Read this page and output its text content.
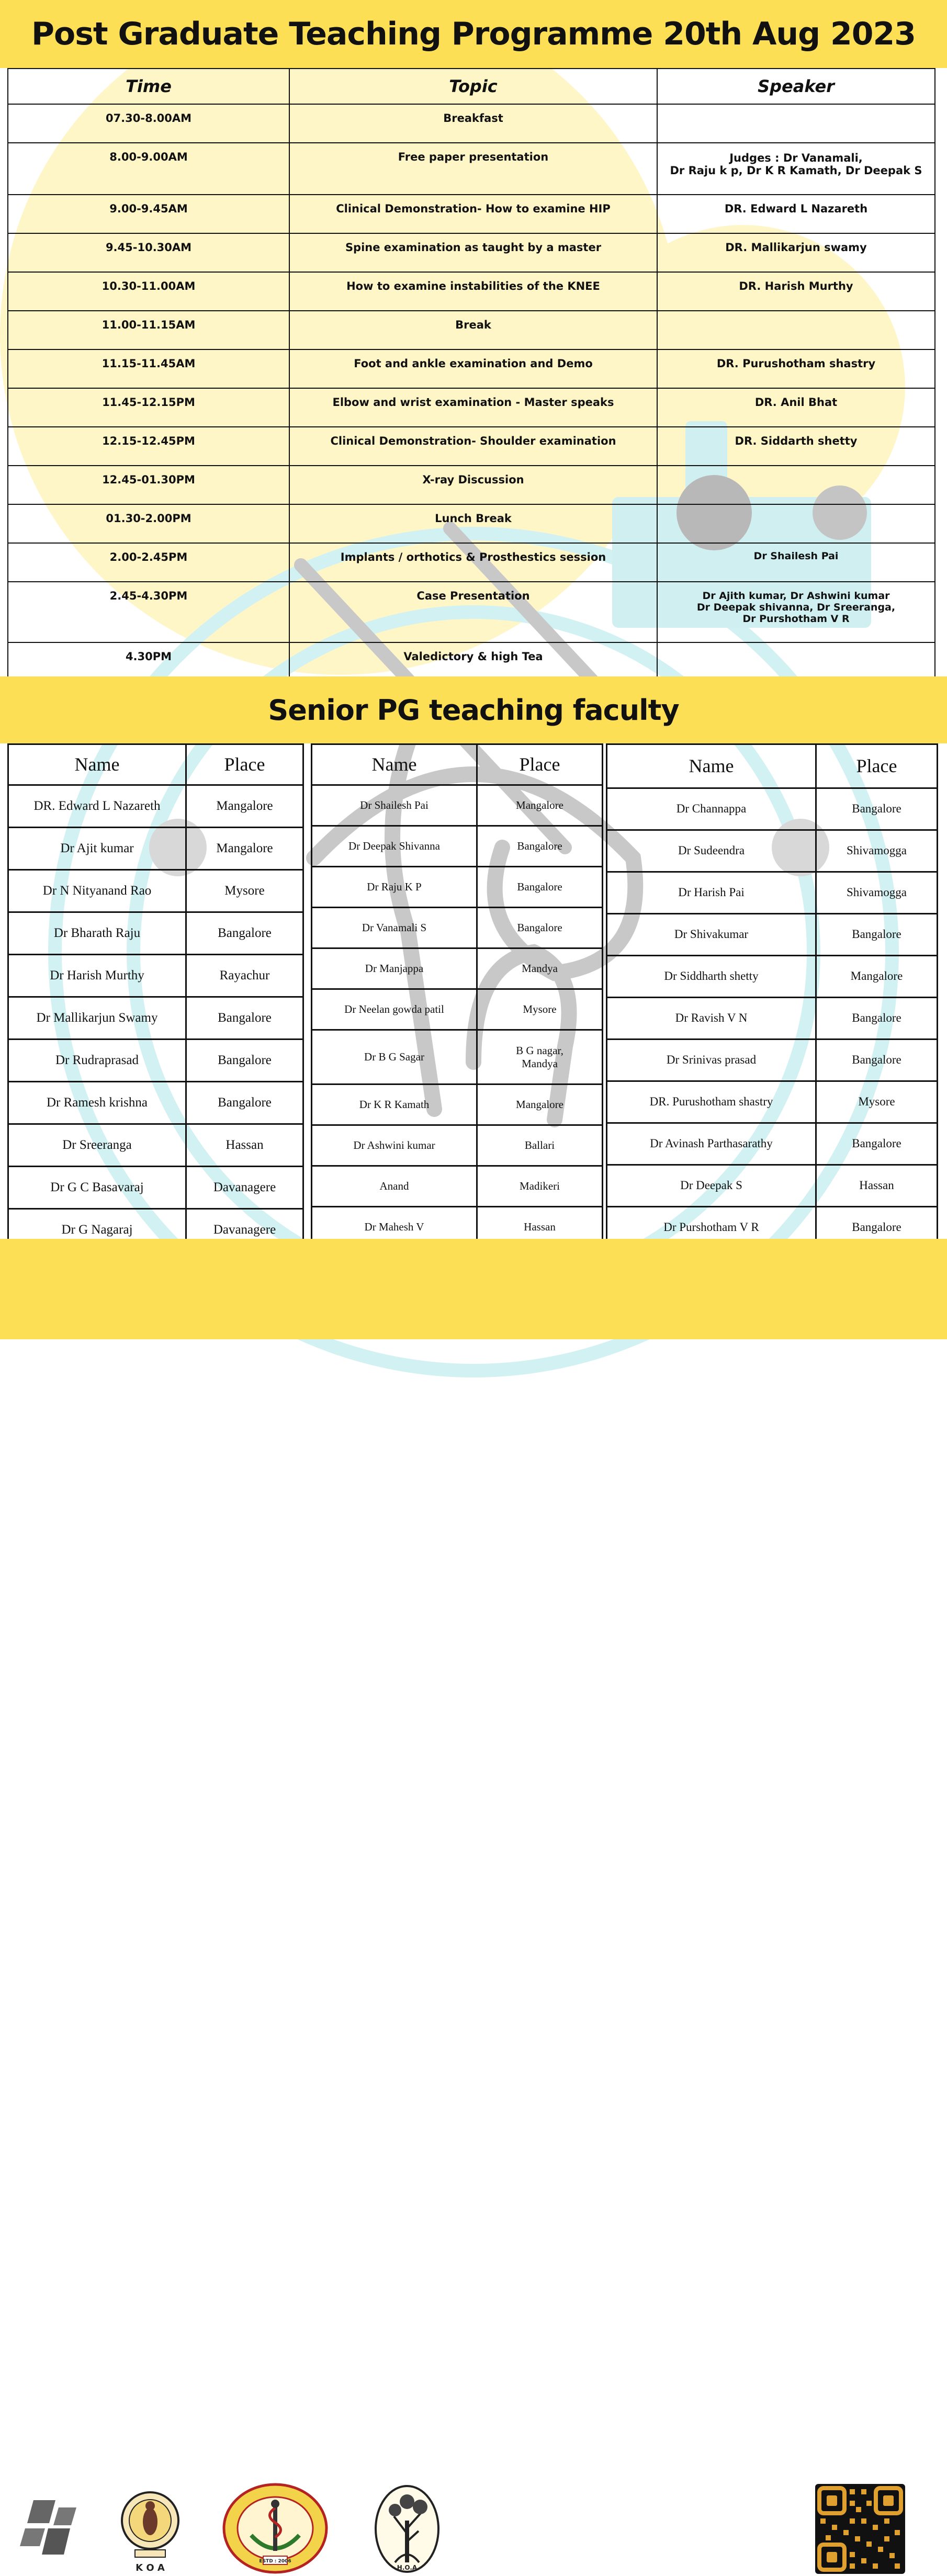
Post Graduate Teaching Programme 20th Aug 2023
Time	Topic	Speaker
07.30-8.00AM	Breakfast	
8.00-9.00AM	Free paper presentation	Judges : Dr Vanamali,
Dr Raju k p, Dr K R Kamath, Dr Deepak S

9.00-9.45AM	Clinical Demonstration- How to examine HIP	DR. Edward L Nazareth
9.45-10.30AM	Spine examination as taught by a master	DR. Mallikarjun swamy
10.30-11.00AM	How to examine instabilities of the KNEE	DR. Harish Murthy
11.00-11.15AM	Break	
11.15-11.45AM	Foot and ankle examination and Demo	DR. Purushotham shastry
11.45-12.15PM	Elbow and wrist examination - Master speaks	DR. Anil Bhat
12.15-12.45PM	Clinical Demonstration- Shoulder examination	DR. Siddarth shetty
12.45-01.30PM	X-ray Discussion	
01.30-2.00PM	Lunch Break	
2.00-2.45PM	Implants / orthotics & Prosthestics session	Dr Shailesh Pai
2.45-4.30PM	Case Presentation	Dr Ajith kumar, Dr Ashwini kumar
Dr Deepak shivanna, Dr Sreeranga,
Dr Purshotham V R

4.30PM	Valedictory & high Tea	
Senior PG teaching faculty
Name	Place
DR. Edward L Nazareth	Mangalore
Dr Ajit kumar	Mangalore
Dr N Nityanand Rao	Mysore
Dr Bharath Raju	Bangalore
Dr Harish Murthy	Rayachur
Dr Mallikarjun Swamy	Bangalore
Dr Rudraprasad	Bangalore
Dr Ramesh krishna	Bangalore
Dr Sreeranga	Hassan
Dr G C Basavaraj	Davanagere
Dr G Nagaraj	Davanagere
Name	Place
Dr Shailesh Pai	Mangalore
Dr Deepak Shivanna	Bangalore
Dr Raju K P	Bangalore
Dr Vanamali S	Bangalore
Dr Manjappa	Mandya
Dr Neelan gowda patil	Mysore
Dr B G Sagar	B G nagar,
Mandya

Dr K R Kamath	Mangalore
Dr Ashwini kumar	Ballari
Anand	Madikeri
Dr Mahesh V	Hassan
Name	Place
Dr Channappa	Bangalore
Dr Sudeendra	Shivamogga
Dr Harish Pai	Shivamogga
Dr Shivakumar	Bangalore
Dr Siddharth shetty	Mangalore
Dr Ravish V N	Bangalore
Dr Srinivas prasad	Bangalore
DR. Purushotham shastry	Mysore
Dr Avinash Parthasarathy	Bangalore
Dr Deepak S	Hassan
Dr Purshotham V R	Bangalore
K O A
ESTD : 2006
H.O.A
